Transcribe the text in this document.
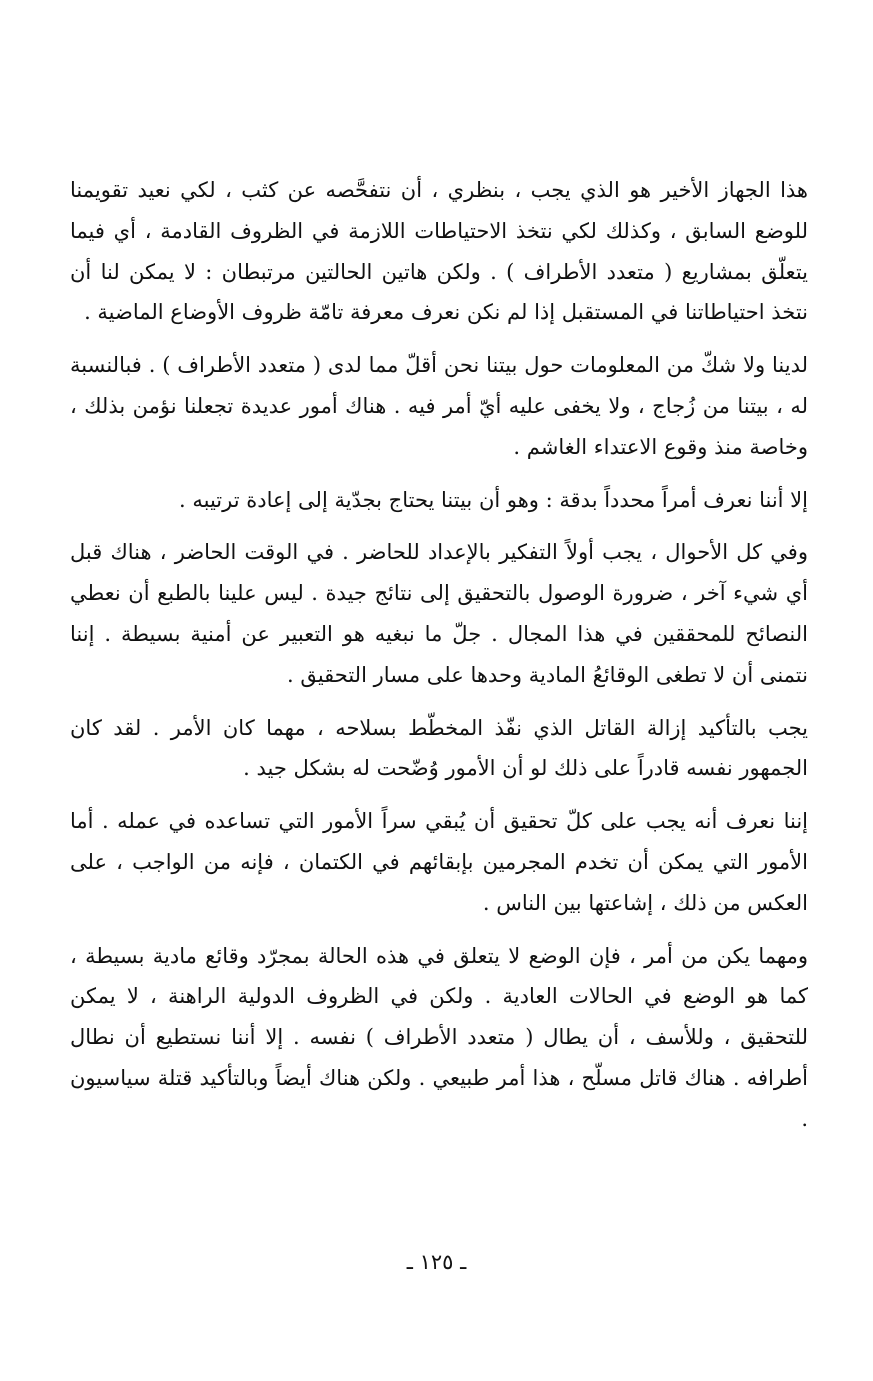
هذا الجهاز الأخير هو الذي يجب ، بنظري ، أن نتفحَّصه عن كثب ، لكي نعيد تقويمنا للوضع السابق ، وكذلك لكي نتخذ الاحتياطات اللازمة في الظروف القادمة ، أي فيما يتعلّق بمشاريع ( متعدد الأطراف ) . ولكن هاتين الحالتين مرتبطان : لا يمكن لنا أن نتخذ احتياطاتنا في المستقبل إذا لم نكن نعرف معرفة تامّة ظروف الأوضاع الماضية .

لدينا ولا شكّ من المعلومات حول بيتنا نحن أقلّ مما لدى ( متعدد الأطراف ) . فبالنسبة له ، بيتنا من زُجاج ، ولا يخفى عليه أيّ أمر فيه . هناك أمور عديدة تجعلنا نؤمن بذلك ، وخاصة منذ وقوع الاعتداء الغاشم .

إلا أننا نعرف أمراً محدداً بدقة : وهو أن بيتنا يحتاج بجدّية إلى إعادة ترتيبه .

وفي كل الأحوال ، يجب أولاً التفكير بالإعداد للحاضر . في الوقت الحاضر ، هناك قبل أي شيء آخر ، ضرورة الوصول بالتحقيق إلى نتائج جيدة . ليس علينا بالطبع أن نعطي النصائح للمحققين في هذا المجال . جلّ ما نبغيه هو التعبير عن أمنية بسيطة . إننا نتمنى أن لا تطغى الوقائعُ المادية وحدها على مسار التحقيق .

يجب بالتأكيد إزالة القاتل الذي نفّذ المخطّط بسلاحه ، مهما كان الأمر . لقد كان الجمهور نفسه قادراً على ذلك لو أن الأمور وُضّحت له بشكل جيد .

إننا نعرف أنه يجب على كلّ تحقيق أن يُبقي سراً الأمور التي تساعده في عمله . أما الأمور التي يمكن أن تخدم المجرمين بإبقائهم في الكتمان ، فإنه من الواجب ، على العكس من ذلك ، إشاعتها بين الناس .

ومهما يكن من أمر ، فإن الوضع لا يتعلق في هذه الحالة بمجرّد وقائع مادية بسيطة ، كما هو الوضع في الحالات العادية . ولكن في الظروف الدولية الراهنة ، لا يمكن للتحقيق ، وللأسف ، أن يطال ( متعدد الأطراف ) نفسه . إلا أننا نستطيع أن نطال أطرافه . هناك قاتل مسلّح ، هذا أمر طبيعي . ولكن هناك أيضاً وبالتأكيد قتلة سياسيون .

ـ ١٢٥ ـ
